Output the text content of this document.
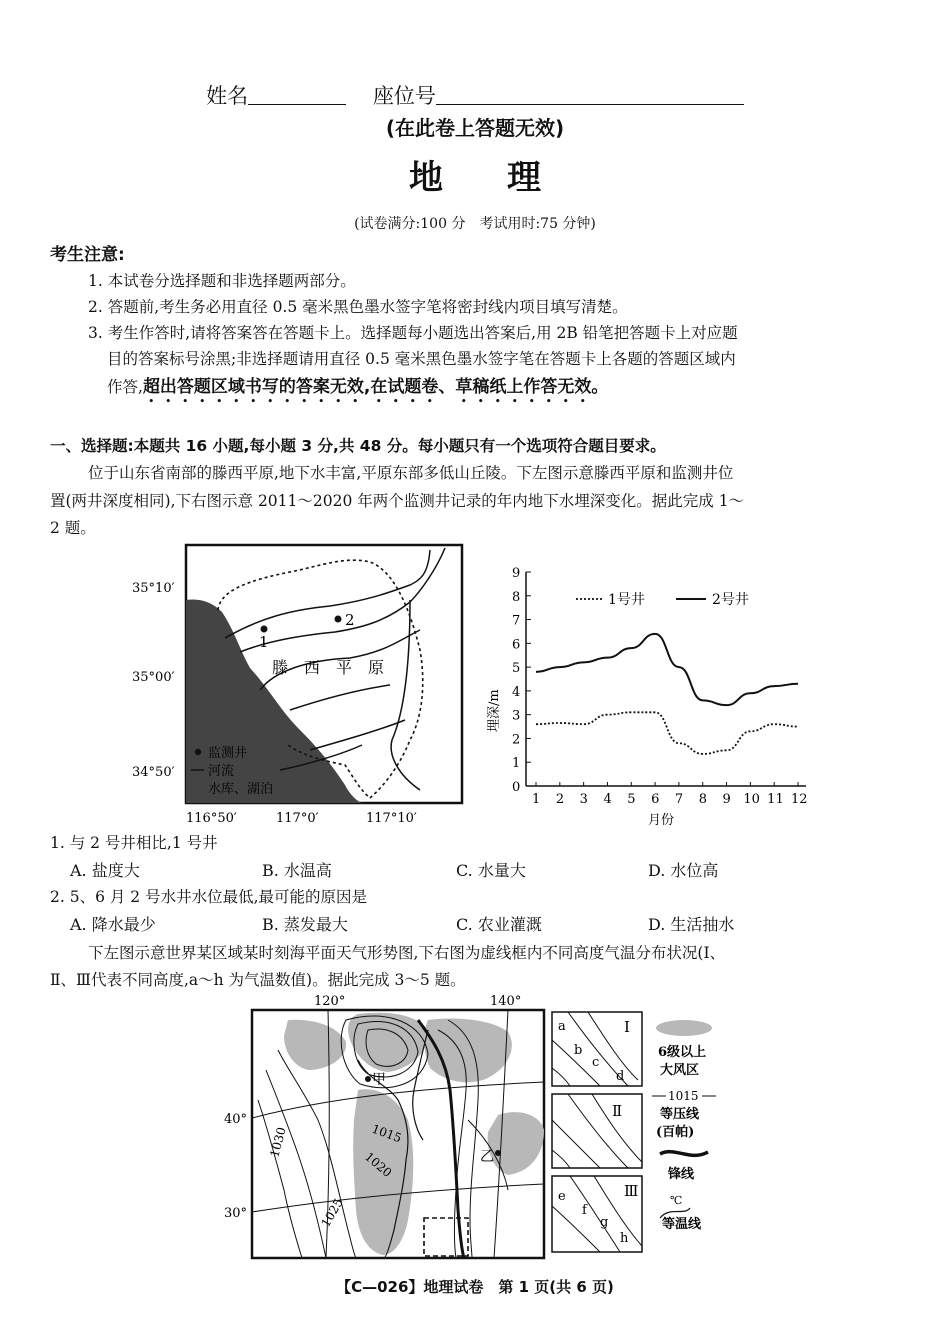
姓名	座位号
(在此卷上答题无效)
地理
(试卷满分:100 分　考试用时:75 分钟)
考生注意:
1. 本试卷分选择题和非选择题两部分。
2. 答题前,考生务必用直径 0.5 毫米黑色墨水签字笔将密封线内项目填写清楚。
3. 考生作答时,请将答案答在答题卡上。选择题每小题选出答案后,用 2B 铅笔把答题卡上对应题
目的答案标号涂黑;非选择题请用直径 0.5 毫米黑色墨水签字笔在答题卡上各题的答题区域内
作答,超出答题区域书写的答案无效,在试题卷、草稿纸上作答无效。
一、选择题:本题共 16 小题,每小题 3 分,共 48 分。每小题只有一个选项符合题目要求。
位于山东省南部的滕西平原,地下水丰富,平原东部多低山丘陵。下左图示意滕西平原和监测井位
置(两井深度相同),下右图示意 2011～2020 年两个监测井记录的年内地下水埋深变化。据此完成 1～
2 题。
1
2
滕　西　平　原
35°10′
35°00′
34°50′
116°50′	117°0′	117°10′
监测井
河流
水库、湖泊	0
1
2
3
4
5
6
7
8
9
1 2 3 4 5 6 7 8 9 10 11 12
1号井	2号井
埋深/m
月份
1. 与 2 号井相比,1 号井
A. 盐度大	B. 水温高	C. 水量大	D. 水位高
2. 5、6 月 2 号水井水位最低,最可能的原因是
A. 降水最少	B. 蒸发最大	C. 农业灌溉	D. 生活抽水
下左图示意世界某区域某时刻海平面天气形势图,下右图为虚线框内不同高度气温分布状况(Ⅰ、
Ⅱ、Ⅲ代表不同高度,a～h 为气温数值)。据此完成 3～5 题。
甲
乙
1015
1020
1025
1030
120°	140°
40°
30°
Ⅰ
a
b
c
d
Ⅱ
Ⅲ
e
f
g
h
6级以上
大风区
1015
等压线
(百帕)
锋线
℃
等温线
【C—026】地理试卷　第 1 页(共 6 页)
